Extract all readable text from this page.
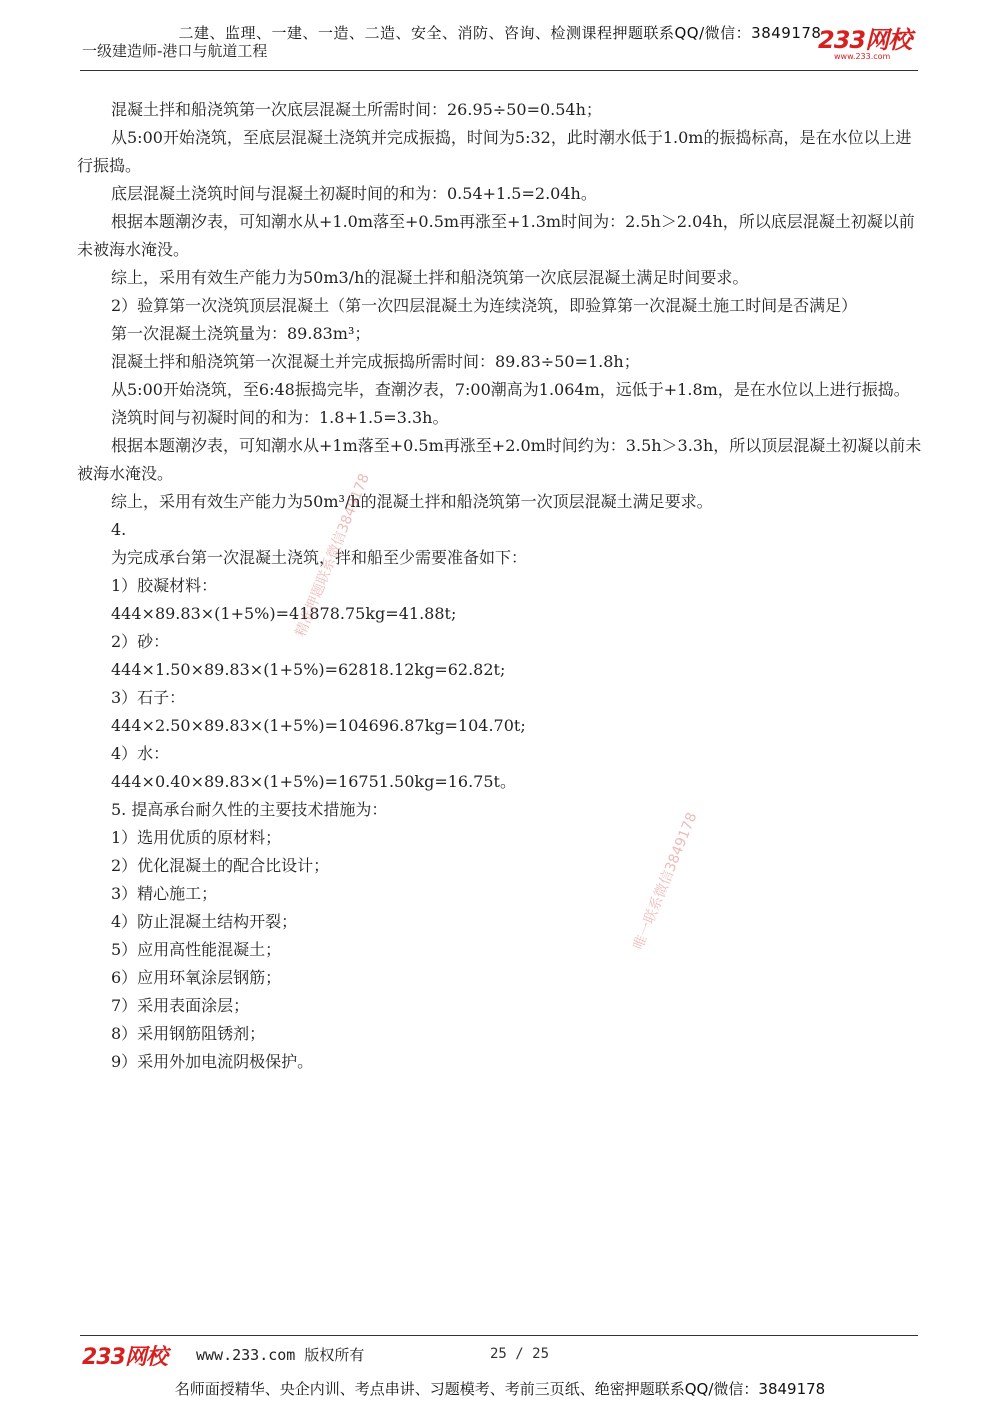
二建、监理、一建、一造、二造、安全、消防、咨询、检测课程押题联系QQ/微信：3849178
一级建造师-港口与航道工程	233网校
www.233.com

混凝土拌和船浇筑第一次底层混凝土所需时间：26.95÷50=0.54h；

从5:00开始浇筑，至底层混凝土浇筑并完成振捣，时间为5:32，此时潮水低于1.0m的振捣标高，是在水位以上进行振捣。

底层混凝土浇筑时间与混凝土初凝时间的和为：0.54+1.5=2.04h。

根据本题潮汐表，可知潮水从+1.0m落至+0.5m再涨至+1.3m时间为：2.5h＞2.04h，所以底层混凝土初凝以前未被海水淹没。

综上，采用有效生产能力为50m3/h的混凝土拌和船浇筑第一次底层混凝土满足时间要求。

2）验算第一次浇筑顶层混凝土（第一次四层混凝土为连续浇筑，即验算第一次混凝土施工时间是否满足）

第一次混凝土浇筑量为：89.83m³；

混凝土拌和船浇筑第一次混凝土并完成振捣所需时间：89.83÷50=1.8h；

从5:00开始浇筑，至6:48振捣完毕，查潮汐表，7:00潮高为1.064m，远低于+1.8m，是在水位以上进行振捣。

浇筑时间与初凝时间的和为：1.8+1.5=3.3h。

根据本题潮汐表，可知潮水从+1m落至+0.5m再涨至+2.0m时间约为：3.5h＞3.3h，所以顶层混凝土初凝以前未被海水淹没。

综上，采用有效生产能力为50m³/h的混凝土拌和船浇筑第一次顶层混凝土满足要求。

4.

为完成承台第一次混凝土浇筑，拌和船至少需要准备如下：

1）胶凝材料：

444×89.83×(1+5%)=41878.75kg=41.88t;

2）砂：

444×1.50×89.83×(1+5%)=62818.12kg=62.82t;

3）石子：

444×2.50×89.83×(1+5%)=104696.87kg=104.70t;

4）水：

444×0.40×89.83×(1+5%)=16751.50kg=16.75t。

5. 提高承台耐久性的主要技术措施为：

1）选用优质的原材料；

2）优化混凝土的配合比设计；

3）精心施工；

4）防止混凝土结构开裂；

5）应用高性能混凝土；

6）应用环氧涂层钢筋；

7）采用表面涂层；

8）采用钢筋阻锈剂；

9）采用外加电流阴极保护。

精准押题联系微信3849178
唯一联系微信3849178
233网校 www.233.com 版权所有	25 / 25
名师面授精华、央企内训、考点串讲、习题模考、考前三页纸、绝密押题联系QQ/微信：3849178
